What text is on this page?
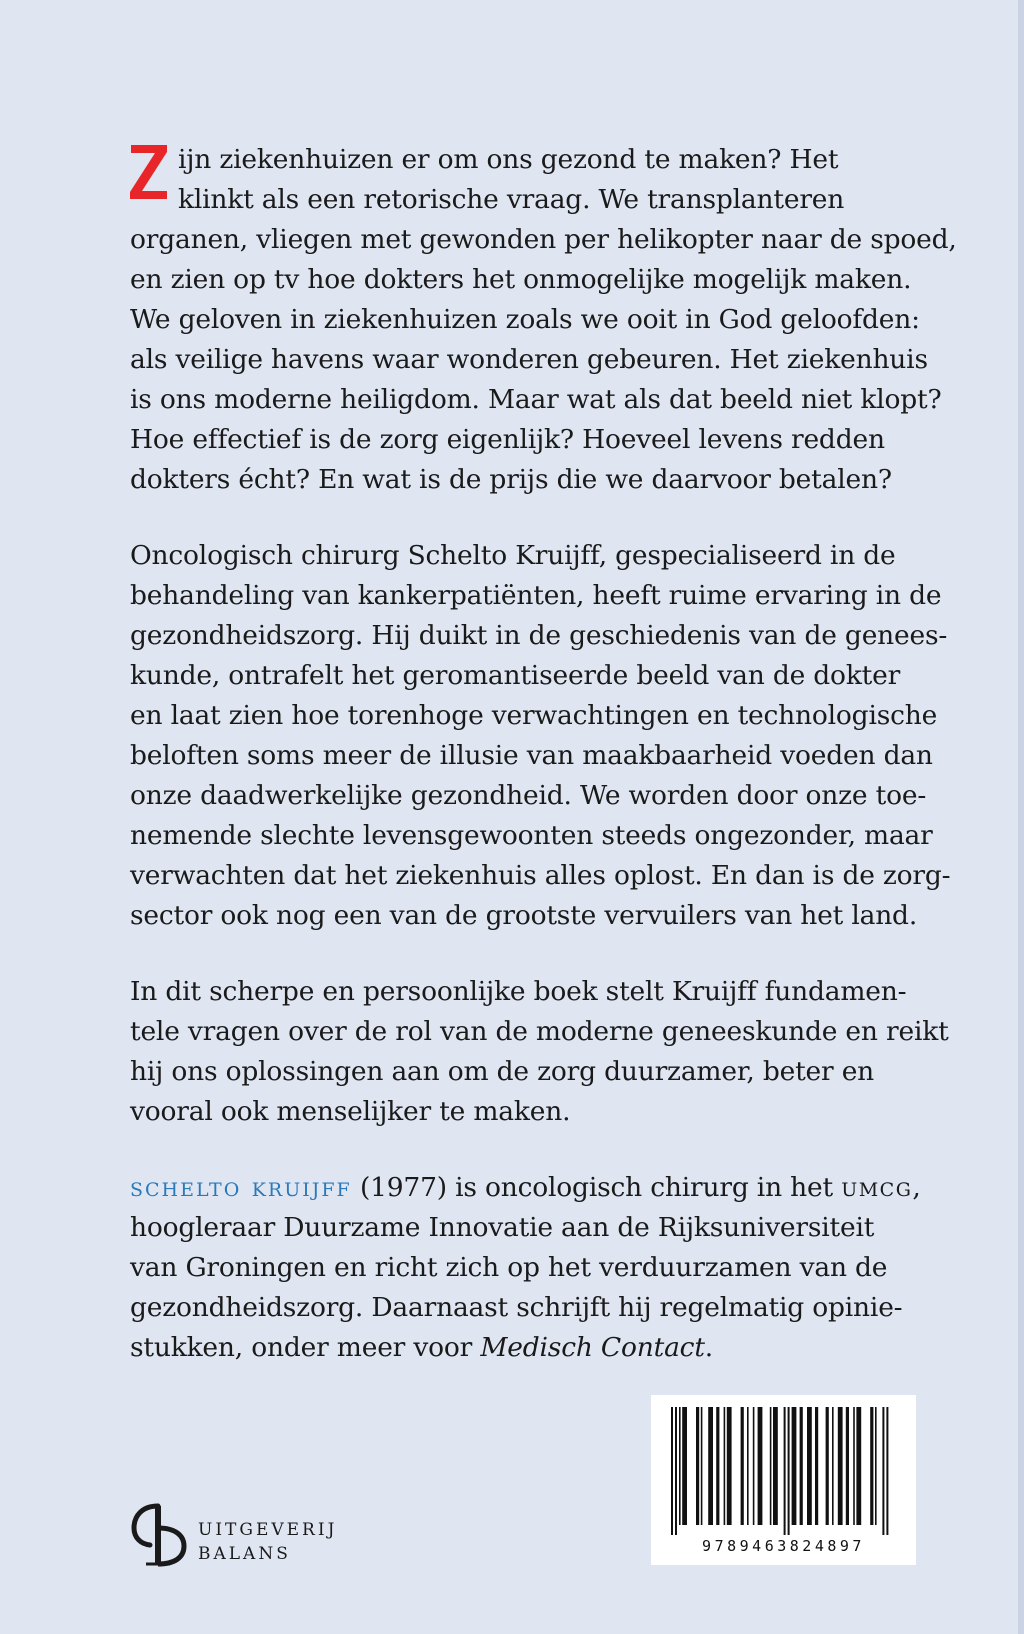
ijn ziekenhuizen er om ons gezond te maken? Het
klinkt als een retorische vraag. We transplanteren
organen, vliegen met gewonden per helikopter naar de spoed,
en zien op tv hoe dokters het onmogelijke mogelijk maken.
We geloven in ziekenhuizen zoals we ooit in God geloofden:
als veilige havens waar wonderen gebeuren. Het ziekenhuis
is ons moderne heiligdom. Maar wat als dat beeld niet klopt?
Hoe effectief is de zorg eigenlijk? Hoeveel levens redden
dokters écht? En wat is de prijs die we daarvoor betalen?

Oncologisch chirurg Schelto Kruijff, gespecialiseerd in de
behandeling van kankerpatiënten, heeft ruime ervaring in de
gezondheidszorg. Hij duikt in de geschiedenis van de genees-
kunde, ontrafelt het geromantiseerde beeld van de dokter
en laat zien hoe torenhoge verwachtingen en technologische
beloften soms meer de illusie van maakbaarheid voeden dan
onze daadwerkelijke gezondheid. We worden door onze toe-
nemende slechte levensgewoonten steeds ongezonder, maar
verwachten dat het ziekenhuis alles oplost. En dan is de zorg-
sector ook nog een van de grootste vervuilers van het land.

In dit scherpe en persoonlijke boek stelt Kruijff fundamen-
tele vragen over de rol van de moderne geneeskunde en reikt
hij ons oplossingen aan om de zorg duurzamer, beter en
vooral ook menselijker te maken.

schelto kruijff (1977) is oncologisch chirurg in het umcg,
hoogleraar Duurzame Innovatie aan de Rijksuniversiteit
van Groningen en richt zich op het verduurzamen van de
gezondheidszorg. Daarnaast schrijft hij regelmatig opinie-
stukken, onder meer voor Medisch Contact.

UITGEVERIJ
BALANS	9789463824897
